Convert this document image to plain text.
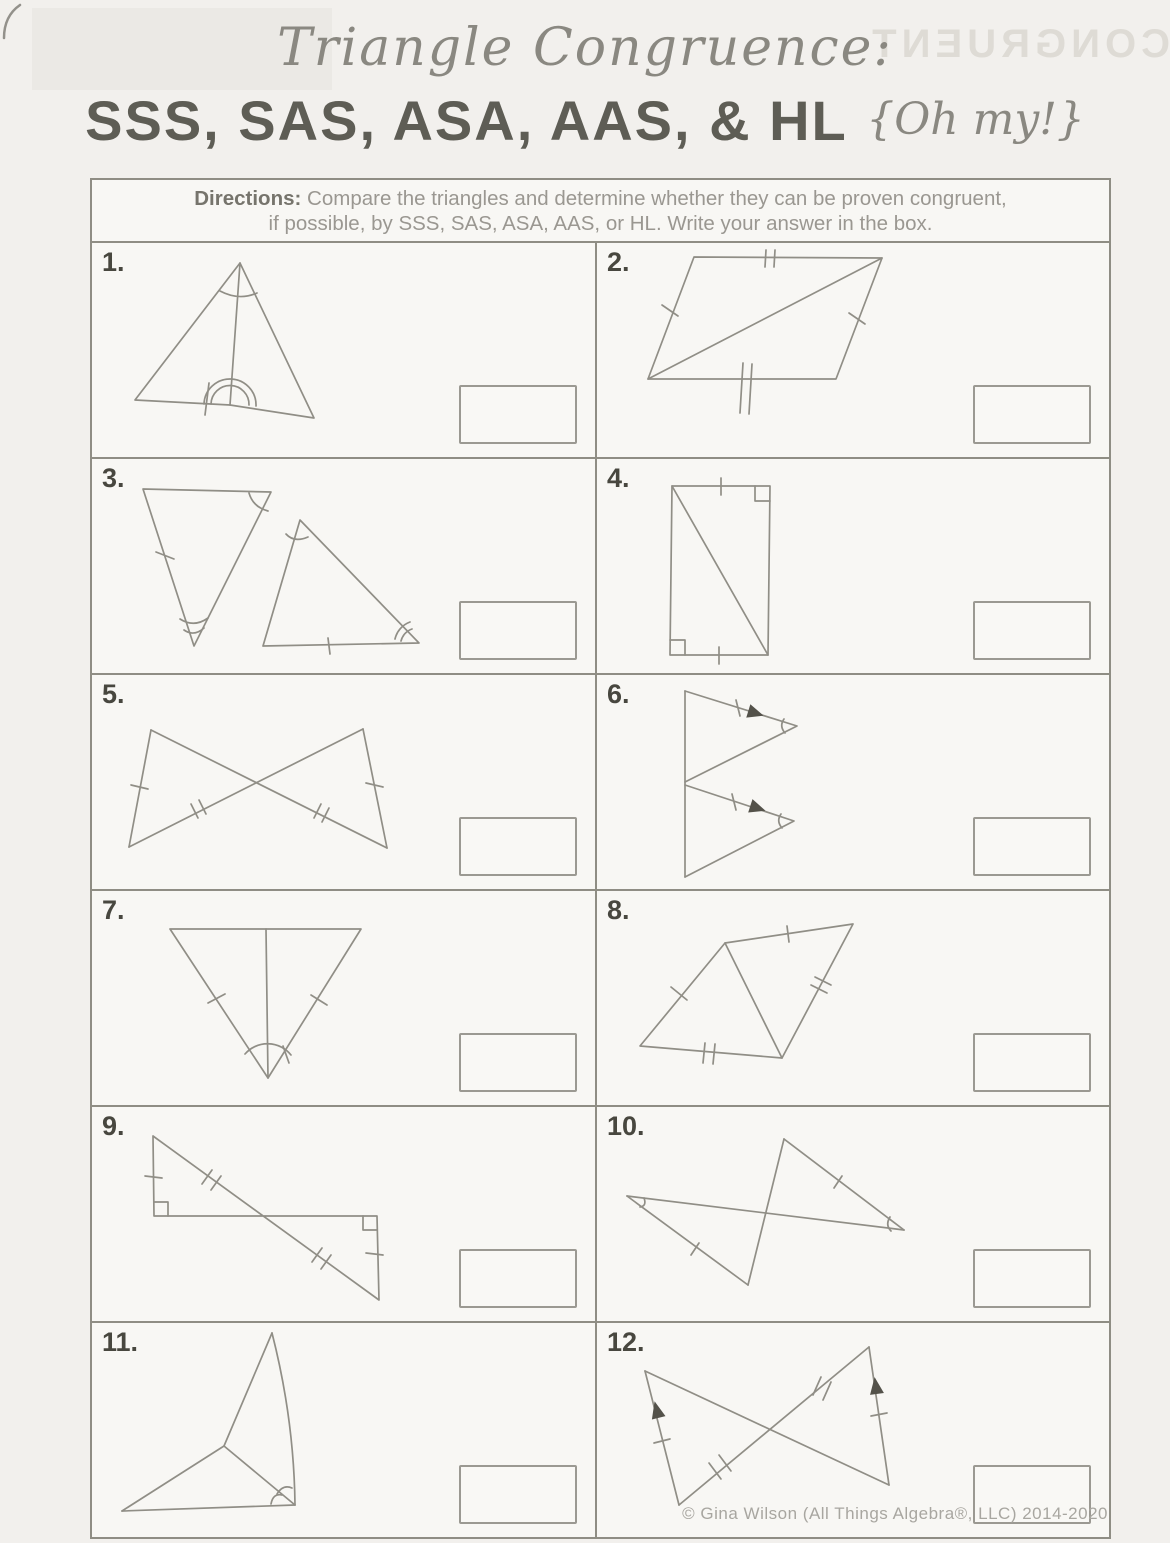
CONGRUENT
Triangle Congruence:
SSS, SAS, ASA, AAS, & HL {Oh my!}
Directions: Compare the triangles and determine whether they can be proven congruent,
if possible, by SSS, SAS, ASA, AAS, or HL. Write your answer in the box.
1.	2.
3.	4.
5.	6.
7.	8.
9.	10.
11.	12.
© Gina Wilson (All Things Algebra®, LLC) 2014-2020
